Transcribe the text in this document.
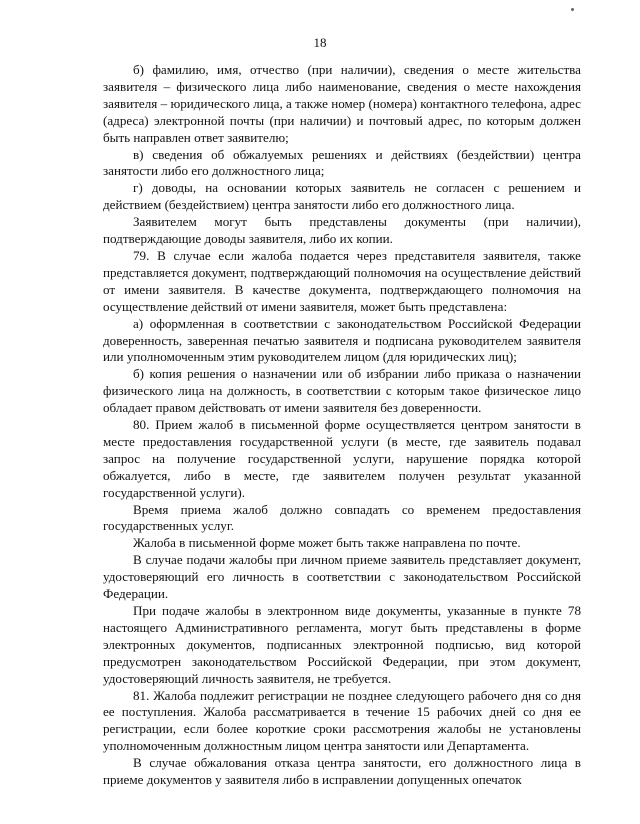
18

б) фамилию, имя, отчество (при наличии), сведения о месте жительства заявителя – физического лица либо наименование, сведения о месте нахождения заявителя – юридического лица, а также номер (номера) контактного телефона, адрес (адреса) электронной почты (при наличии) и почтовый адрес, по которым должен быть направлен ответ заявителю;

в) сведения об обжалуемых решениях и действиях (бездействии) центра занятости либо его должностного лица;

г) доводы, на основании которых заявитель не согласен с решением и действием (бездействием) центра занятости либо его должностного лица.

Заявителем могут быть представлены документы (при наличии), подтверждающие доводы заявителя, либо их копии.

79. В случае если жалоба подается через представителя заявителя, также представляется документ, подтверждающий полномочия на осуществление действий от имени заявителя. В качестве документа, подтверждающего полномочия на осуществление действий от имени заявителя, может быть представлена:

а) оформленная в соответствии с законодательством Российской Федерации доверенность, заверенная печатью заявителя и подписана руководителем заявителя или уполномоченным этим руководителем лицом (для юридических лиц);

б) копия решения о назначении или об избрании либо приказа о назначении физического лица на должность, в соответствии с которым такое физическое лицо обладает правом действовать от имени заявителя без доверенности.

80. Прием жалоб в письменной форме осуществляется центром занятости в месте предоставления государственной услуги (в месте, где заявитель подавал запрос на получение государственной услуги, нарушение порядка которой обжалуется, либо в месте, где заявителем получен результат указанной государственной услуги).

Время приема жалоб должно совпадать со временем предоставления государственных услуг.

Жалоба в письменной форме может быть также направлена по почте.

В случае подачи жалобы при личном приеме заявитель представляет документ, удостоверяющий его личность в соответствии с законодательством Российской Федерации.

При подаче жалобы в электронном виде документы, указанные в пункте 78 настоящего Административного регламента, могут быть представлены в форме электронных документов, подписанных электронной подписью, вид которой предусмотрен законодательством Российской Федерации, при этом документ, удостоверяющий личность заявителя, не требуется.

81. Жалоба подлежит регистрации не позднее следующего рабочего дня со дня ее поступления. Жалоба рассматривается в течение 15 рабочих дней со дня ее регистрации, если более короткие сроки рассмотрения жалобы не установлены уполномоченным должностным лицом центра занятости или Департамента.

В случае обжалования отказа центра занятости, его должностного лица в приеме документов у заявителя либо в исправлении допущенных опечаток
